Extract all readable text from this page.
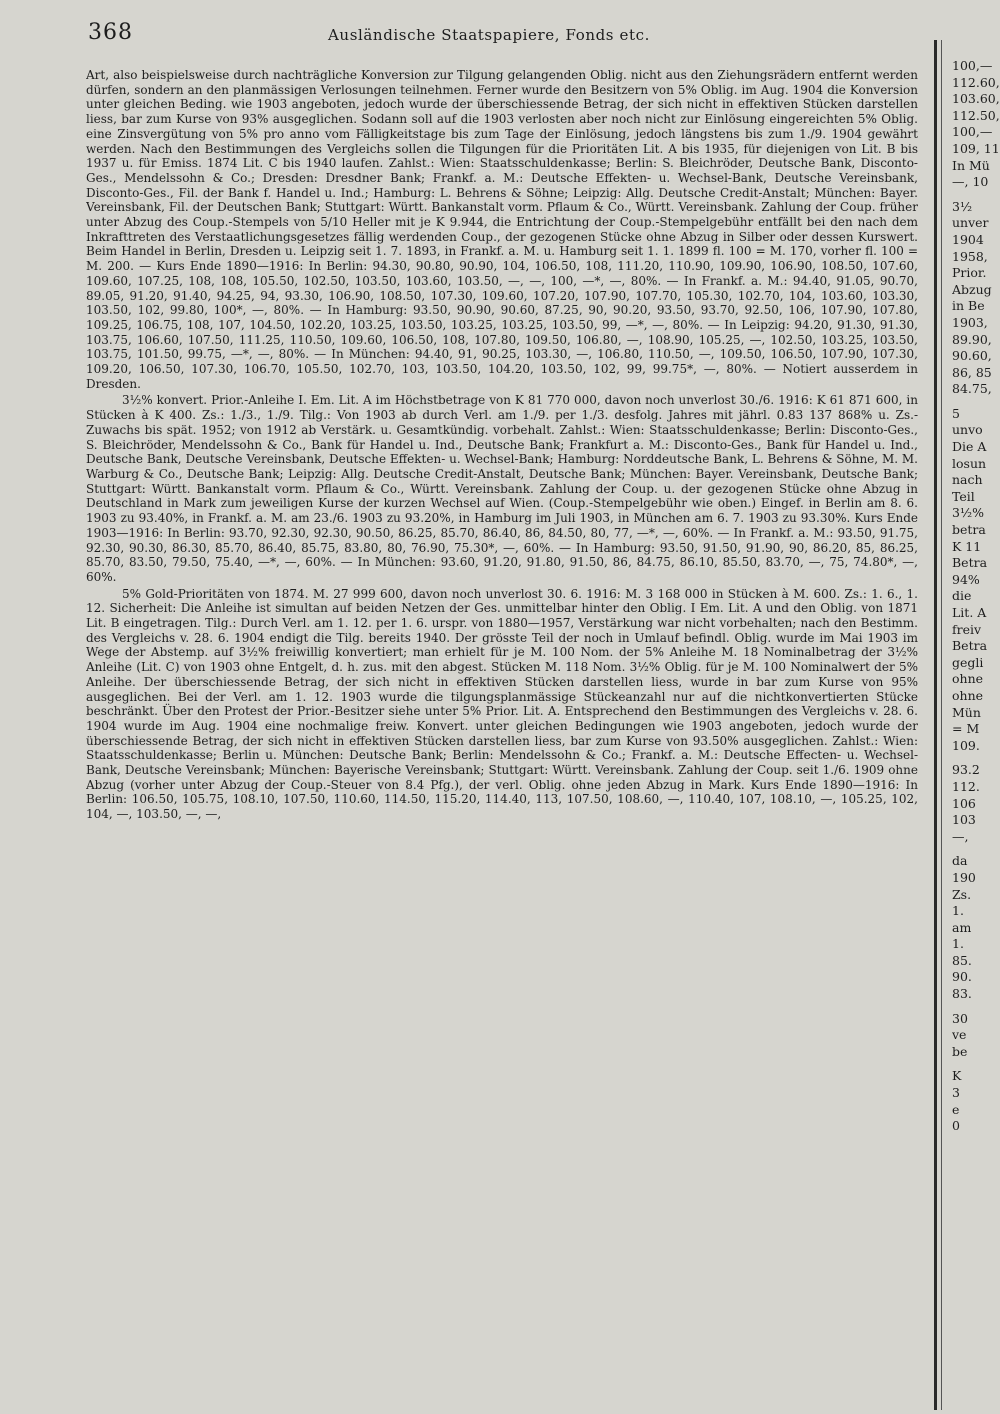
368	Ausländische Staatspapiere, Fonds etc.

Art, also beispielsweise durch nachträgliche Konversion zur Tilgung gelangenden Oblig. nicht aus den Ziehungsrädern entfernt werden dürfen, sondern an den planmässigen Verlosungen teilnehmen. Ferner wurde den Besitzern von 5% Oblig. im Aug. 1904 die Konversion unter gleichen Beding. wie 1903 angeboten, jedoch wurde der überschiessende Betrag, der sich nicht in effektiven Stücken darstellen liess, bar zum Kurse von 93% ausgeglichen. Sodann soll auf die 1903 verlosten aber noch nicht zur Einlösung eingereichten 5% Oblig. eine Zinsvergütung von 5% pro anno vom Fälligkeitstage bis zum Tage der Einlösung, jedoch längstens bis zum 1./9. 1904 gewährt werden. Nach den Bestimmungen des Vergleichs sollen die Tilgungen für die Prioritäten Lit. A bis 1935, für diejenigen von Lit. B bis 1937 u. für Emiss. 1874 Lit. C bis 1940 laufen. Zahlst.: Wien: Staatsschuldenkasse; Berlin: S. Bleichröder, Deutsche Bank, Disconto-Ges., Mendelssohn & Co.; Dresden: Dresdner Bank; Frankf. a. M.: Deutsche Effekten- u. Wechsel-Bank, Deutsche Vereinsbank, Disconto-Ges., Fil. der Bank f. Handel u. Ind.; Hamburg: L. Behrens & Söhne; Leipzig: Allg. Deutsche Credit-Anstalt; München: Bayer. Vereinsbank, Fil. der Deutschen Bank; Stuttgart: Württ. Bankanstalt vorm. Pflaum & Co., Württ. Vereinsbank. Zahlung der Coup. früher unter Abzug des Coup.-Stempels von 5/10 Heller mit je K 9.944, die Entrichtung der Coup.-Stempelgebühr entfällt bei den nach dem Inkrafttreten des Verstaatlichungsgesetzes fällig werdenden Coup., der gezogenen Stücke ohne Abzug in Silber oder dessen Kurswert. Beim Handel in Berlin, Dresden u. Leipzig seit 1. 7. 1893, in Frankf. a. M. u. Hamburg seit 1. 1. 1899 fl. 100 = M. 170, vorher fl. 100 = M. 200. — Kurs Ende 1890—1916: In Berlin: 94.30, 90.80, 90.90, 104, 106.50, 108, 111.20, 110.90, 109.90, 106.90, 108.50, 107.60, 109.60, 107.25, 108, 108, 105.50, 102.50, 103.50, 103.60, 103.50, —, —, 100, —*, —, 80%. — In Frankf. a. M.: 94.40, 91.05, 90.70, 89.05, 91.20, 91.40, 94.25, 94, 93.30, 106.90, 108.50, 107.30, 109.60, 107.20, 107.90, 107.70, 105.30, 102.70, 104, 103.60, 103.30, 103.50, 102, 99.80, 100*, —, 80%. — In Hamburg: 93.50, 90.90, 90.60, 87.25, 90, 90.20, 93.50, 93.70, 92.50, 106, 107.90, 107.80, 109.25, 106.75, 108, 107, 104.50, 102.20, 103.25, 103.50, 103.25, 103.25, 103.50, 99, —*, —, 80%. — In Leipzig: 94.20, 91.30, 91.30, 103.75, 106.60, 107.50, 111.25, 110.50, 109.60, 106.50, 108, 107.80, 109.50, 106.80, —, 108.90, 105.25, —, 102.50, 103.25, 103.50, 103.75, 101.50, 99.75, —*, —, 80%. — In München: 94.40, 91, 90.25, 103.30, —, 106.80, 110.50, —, 109.50, 106.50, 107.90, 107.30, 109.20, 106.50, 107.30, 106.70, 105.50, 102.70, 103, 103.50, 104.20, 103.50, 102, 99, 99.75*, —, 80%. — Notiert ausserdem in Dresden.

3½% konvert. Prior.-Anleihe I. Em. Lit. A im Höchstbetrage von K 81 770 000, davon noch unverlost 30./6. 1916: K 61 871 600, in Stücken à K 400. Zs.: 1./3., 1./9. Tilg.: Von 1903 ab durch Verl. am 1./9. per 1./3. desfolg. Jahres mit jährl. 0.83 137 868% u. Zs.-Zuwachs bis spät. 1952; von 1912 ab Verstärk. u. Gesamtkündig. vorbehalt. Zahlst.: Wien: Staatsschuldenkasse; Berlin: Disconto-Ges., S. Bleichröder, Mendelssohn & Co., Bank für Handel u. Ind., Deutsche Bank; Frankfurt a. M.: Disconto-Ges., Bank für Handel u. Ind., Deutsche Bank, Deutsche Vereinsbank, Deutsche Effekten- u. Wechsel-Bank; Hamburg: Norddeutsche Bank, L. Behrens & Söhne, M. M. Warburg & Co., Deutsche Bank; Leipzig: Allg. Deutsche Credit-Anstalt, Deutsche Bank; München: Bayer. Vereinsbank, Deutsche Bank; Stuttgart: Württ. Bankanstalt vorm. Pflaum & Co., Württ. Vereinsbank. Zahlung der Coup. u. der gezogenen Stücke ohne Abzug in Deutschland in Mark zum jeweiligen Kurse der kurzen Wechsel auf Wien. (Coup.-Stempelgebühr wie oben.) Eingef. in Berlin am 8. 6. 1903 zu 93.40%, in Frankf. a. M. am 23./6. 1903 zu 93.20%, in Hamburg im Juli 1903, in München am 6. 7. 1903 zu 93.30%. Kurs Ende 1903—1916: In Berlin: 93.70, 92.30, 92.30, 90.50, 86.25, 85.70, 86.40, 86, 84.50, 80, 77, —*, —, 60%. — In Frankf. a. M.: 93.50, 91.75, 92.30, 90.30, 86.30, 85.70, 86.40, 85.75, 83.80, 80, 76.90, 75.30*, —, 60%. — In Hamburg: 93.50, 91.50, 91.90, 90, 86.20, 85, 86.25, 85.70, 83.50, 79.50, 75.40, —*, —, 60%. — In München: 93.60, 91.20, 91.80, 91.50, 86, 84.75, 86.10, 85.50, 83.70, —, 75, 74.80*, —, 60%.

5% Gold-Prioritäten von 1874. M. 27 999 600, davon noch unverlost 30. 6. 1916: M. 3 168 000 in Stücken à M. 600. Zs.: 1. 6., 1. 12. Sicherheit: Die Anleihe ist simultan auf beiden Netzen der Ges. unmittelbar hinter den Oblig. I Em. Lit. A und den Oblig. von 1871 Lit. B eingetragen. Tilg.: Durch Verl. am 1. 12. per 1. 6. urspr. von 1880—1957, Verstärkung war nicht vorbehalten; nach den Bestimm. des Vergleichs v. 28. 6. 1904 endigt die Tilg. bereits 1940. Der grösste Teil der noch in Umlauf befindl. Oblig. wurde im Mai 1903 im Wege der Abstemp. auf 3½% freiwillig konvertiert; man erhielt für je M. 100 Nom. der 5% Anleihe M. 18 Nominalbetrag der 3½% Anleihe (Lit. C) von 1903 ohne Entgelt, d. h. zus. mit den abgest. Stücken M. 118 Nom. 3½% Oblig. für je M. 100 Nominalwert der 5% Anleihe. Der überschiessende Betrag, der sich nicht in effektiven Stücken darstellen liess, wurde in bar zum Kurse von 95% ausgeglichen. Bei der Verl. am 1. 12. 1903 wurde die tilgungsplanmässige Stückeanzahl nur auf die nichtkonvertierten Stücke beschränkt. Über den Protest der Prior.-Besitzer siehe unter 5% Prior. Lit. A. Entsprechend den Bestimmungen des Vergleichs v. 28. 6. 1904 wurde im Aug. 1904 eine nochmalige freiw. Konvert. unter gleichen Bedingungen wie 1903 angeboten, jedoch wurde der überschiessende Betrag, der sich nicht in effektiven Stücken darstellen liess, bar zum Kurse von 93.50% ausgeglichen. Zahlst.: Wien: Staatsschuldenkasse; Berlin u. München: Deutsche Bank; Berlin: Mendelssohn & Co.; Frankf. a. M.: Deutsche Effecten- u. Wechsel-Bank, Deutsche Vereinsbank; München: Bayerische Vereinsbank; Stuttgart: Württ. Vereinsbank. Zahlung der Coup. seit 1./6. 1909 ohne Abzug (vorher unter Abzug der Coup.-Steuer von 8.4 Pfg.), der verl. Oblig. ohne jeden Abzug in Mark. Kurs Ende 1890—1916: In Berlin: 106.50, 105.75, 108.10, 107.50, 110.60, 114.50, 115.20, 114.40, 113, 107.50, 108.60, —, 110.40, 107, 108.10, —, 105.25, 102, 104, —, 103.50, —, —,

100,—
112.60,
103.60,
112.50,
100,—
109, 11
In Mü
—, 10
3½
unver
1904
1958,
Prior.
Abzug
in Be
1903,
89.90,
90.60,
86, 85
84.75,
5
unvo
Die A
losun
nach
Teil
3½%
betra
K 11
Betra
94%
die
Lit. A
freiv
Betra
gegli
ohne
ohne
Mün
= M
109.
93.2
112.
106
103
—,
da
190
Zs.
1.
am
1.
85.
90.
83.
30
ve
be
K
3
e
0
